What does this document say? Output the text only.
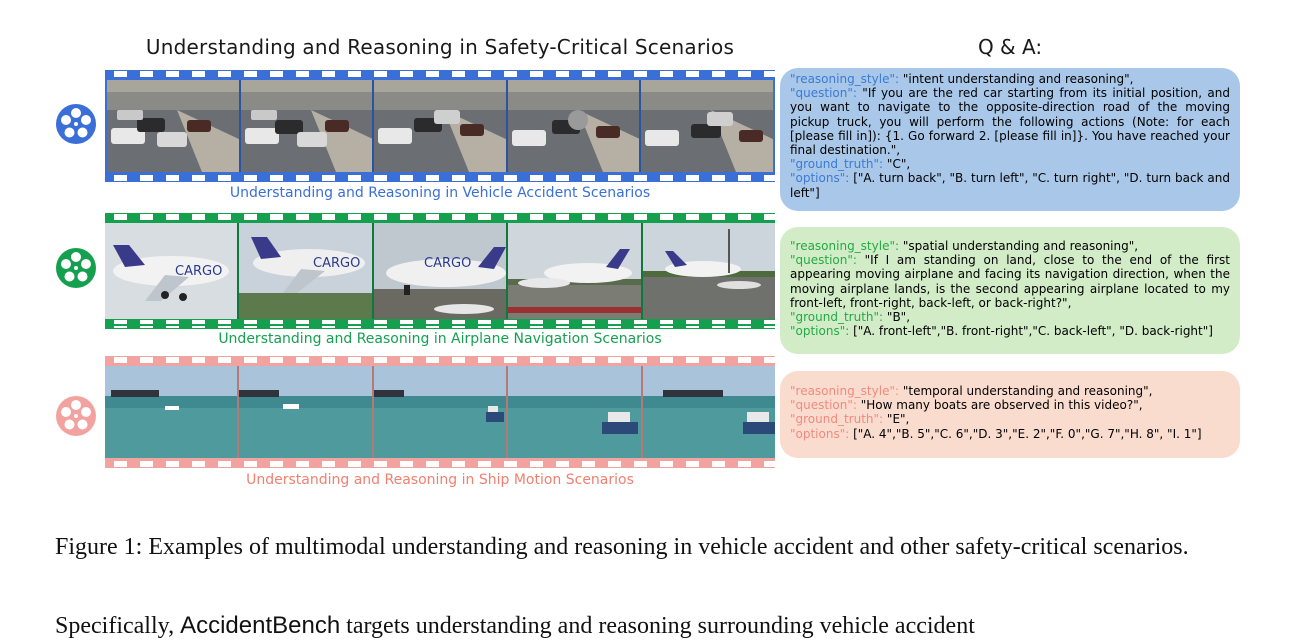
Understanding and Reasoning in Safety-Critical Scenarios	Q & A:
Understanding and Reasoning in Vehicle Accident Scenarios
"reasoning_style": "intent understanding and reasoning",
"question": "If you are the red car starting from its initial position, and you want to navigate to the opposite-direction road of the moving pickup truck, you will perform the following actions (Note: for each [please fill in]): {1. Go forward 2. [please fill in]}. You have reached your final destination.",
"ground_truth": "C",
"options": ["A. turn back", "B. turn left", "C. turn right", "D. turn back and left"]
CARGO
CARGO	CARGO
Understanding and Reasoning in Airplane Navigation Scenarios
"reasoning_style": "spatial understanding and reasoning",
"question": "If I am standing on land, close to the end of the first appearing moving airplane and facing its navigation direction, when the moving airplane lands, is the second appearing airplane located to my front-left, front-right, back-left, or back-right?",
"ground_truth": "B",
"options": ["A. front-left","B. front-right","C. back-left", "D. back-right"]
Understanding and Reasoning in Ship Motion Scenarios
"reasoning_style": "temporal understanding and reasoning",
"question": "How many boats are observed in this video?",
"ground_truth": "E",
"options": ["A. 4","B. 5","C. 6","D. 3","E. 2","F. 0","G. 7","H. 8", "I. 1"]
Figure 1: Examples of multimodal understanding and reasoning in vehicle accident and other safety-critical scenarios.
Specifically, AccidentBench targets understanding and reasoning surrounding vehicle accident
